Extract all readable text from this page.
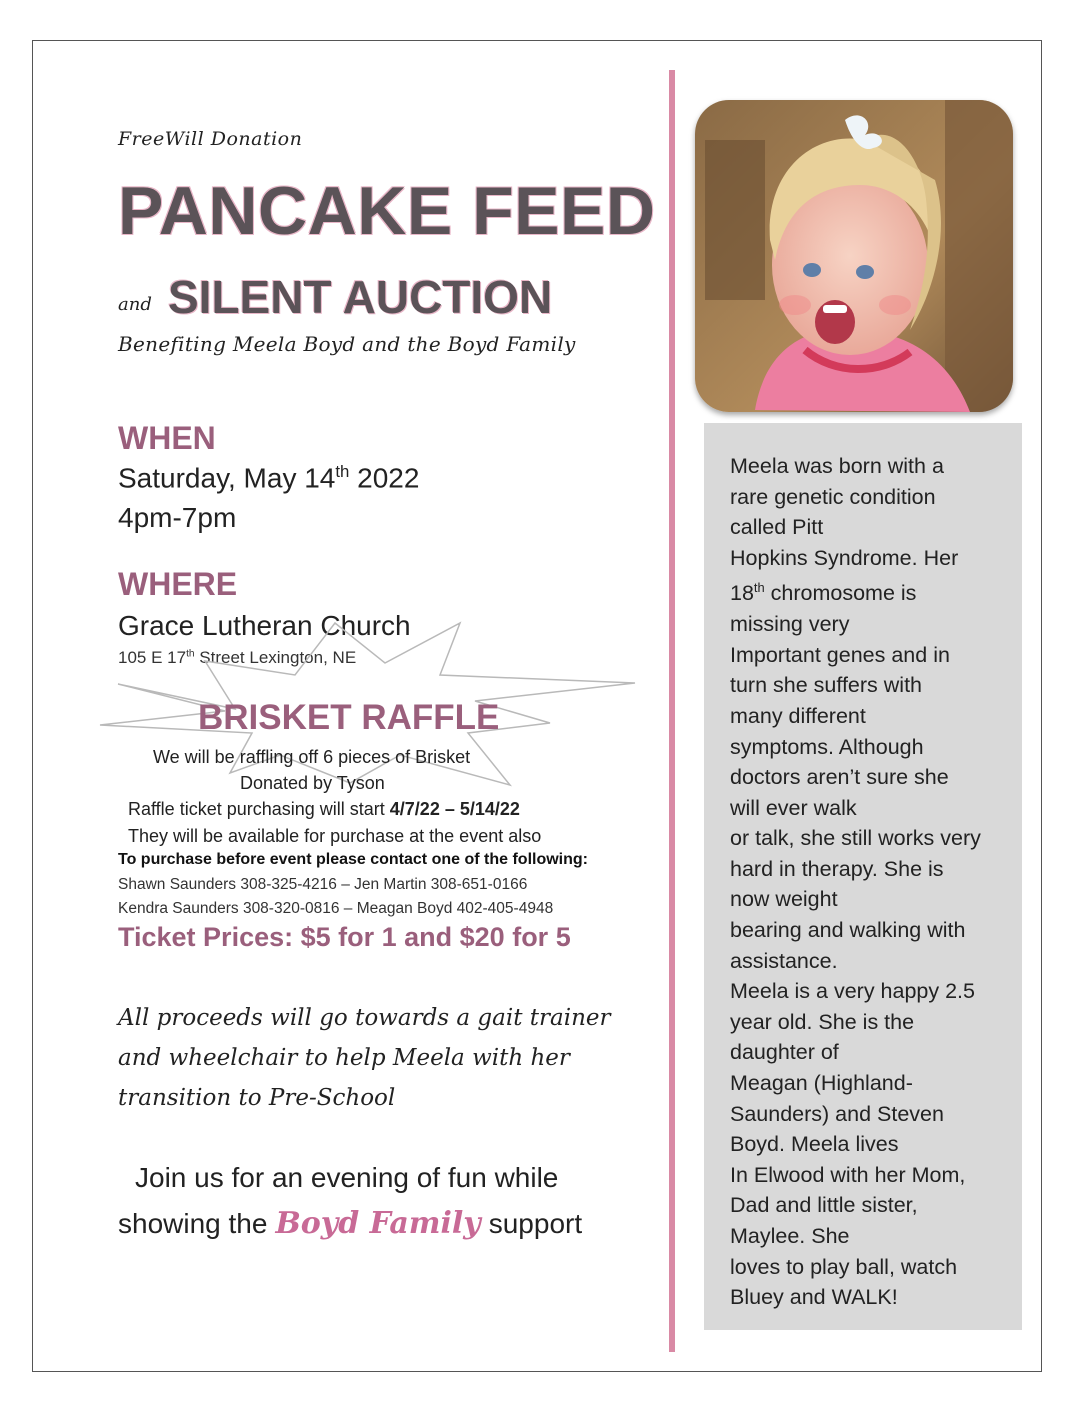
FreeWill Donation
PANCAKE FEED
and SILENT AUCTION
Benefiting Meela Boyd and the Boyd Family
WHEN
Saturday, May 14th 2022
4pm-7pm
WHERE
Grace Lutheran Church
105 E 17th Street Lexington, NE
BRISKET RAFFLE
We will be raffling off 6 pieces of Brisket
Donated by Tyson
Raffle ticket purchasing will start 4/7/22 – 5/14/22
They will be available for purchase at the event also
To purchase before event please contact one of the following:
Shawn Saunders 308-325-4216 – Jen Martin 308-651-0166
Kendra Saunders 308-320-0816 – Meagan Boyd 402-405-4948
Ticket Prices: $5 for 1 and $20 for 5
All proceeds will go towards a gait trainer and wheelchair to help Meela with her transition to Pre-School
Join us for an evening of fun while
showing the Boyd Family support
Meela was born with a
rare genetic condition
called Pitt
Hopkins Syndrome. Her
18th chromosome is
missing very
Important genes and in
turn she suffers with
many different
symptoms. Although
doctors aren’t sure she
will ever walk
or talk, she still works very
hard in therapy. She is
now weight
bearing and walking with
assistance.
Meela is a very happy 2.5
year old. She is the
daughter of
Meagan (Highland-
Saunders) and Steven
Boyd. Meela lives
In Elwood with her Mom,
Dad and little sister,
Maylee. She
loves to play ball, watch
Bluey and WALK!
